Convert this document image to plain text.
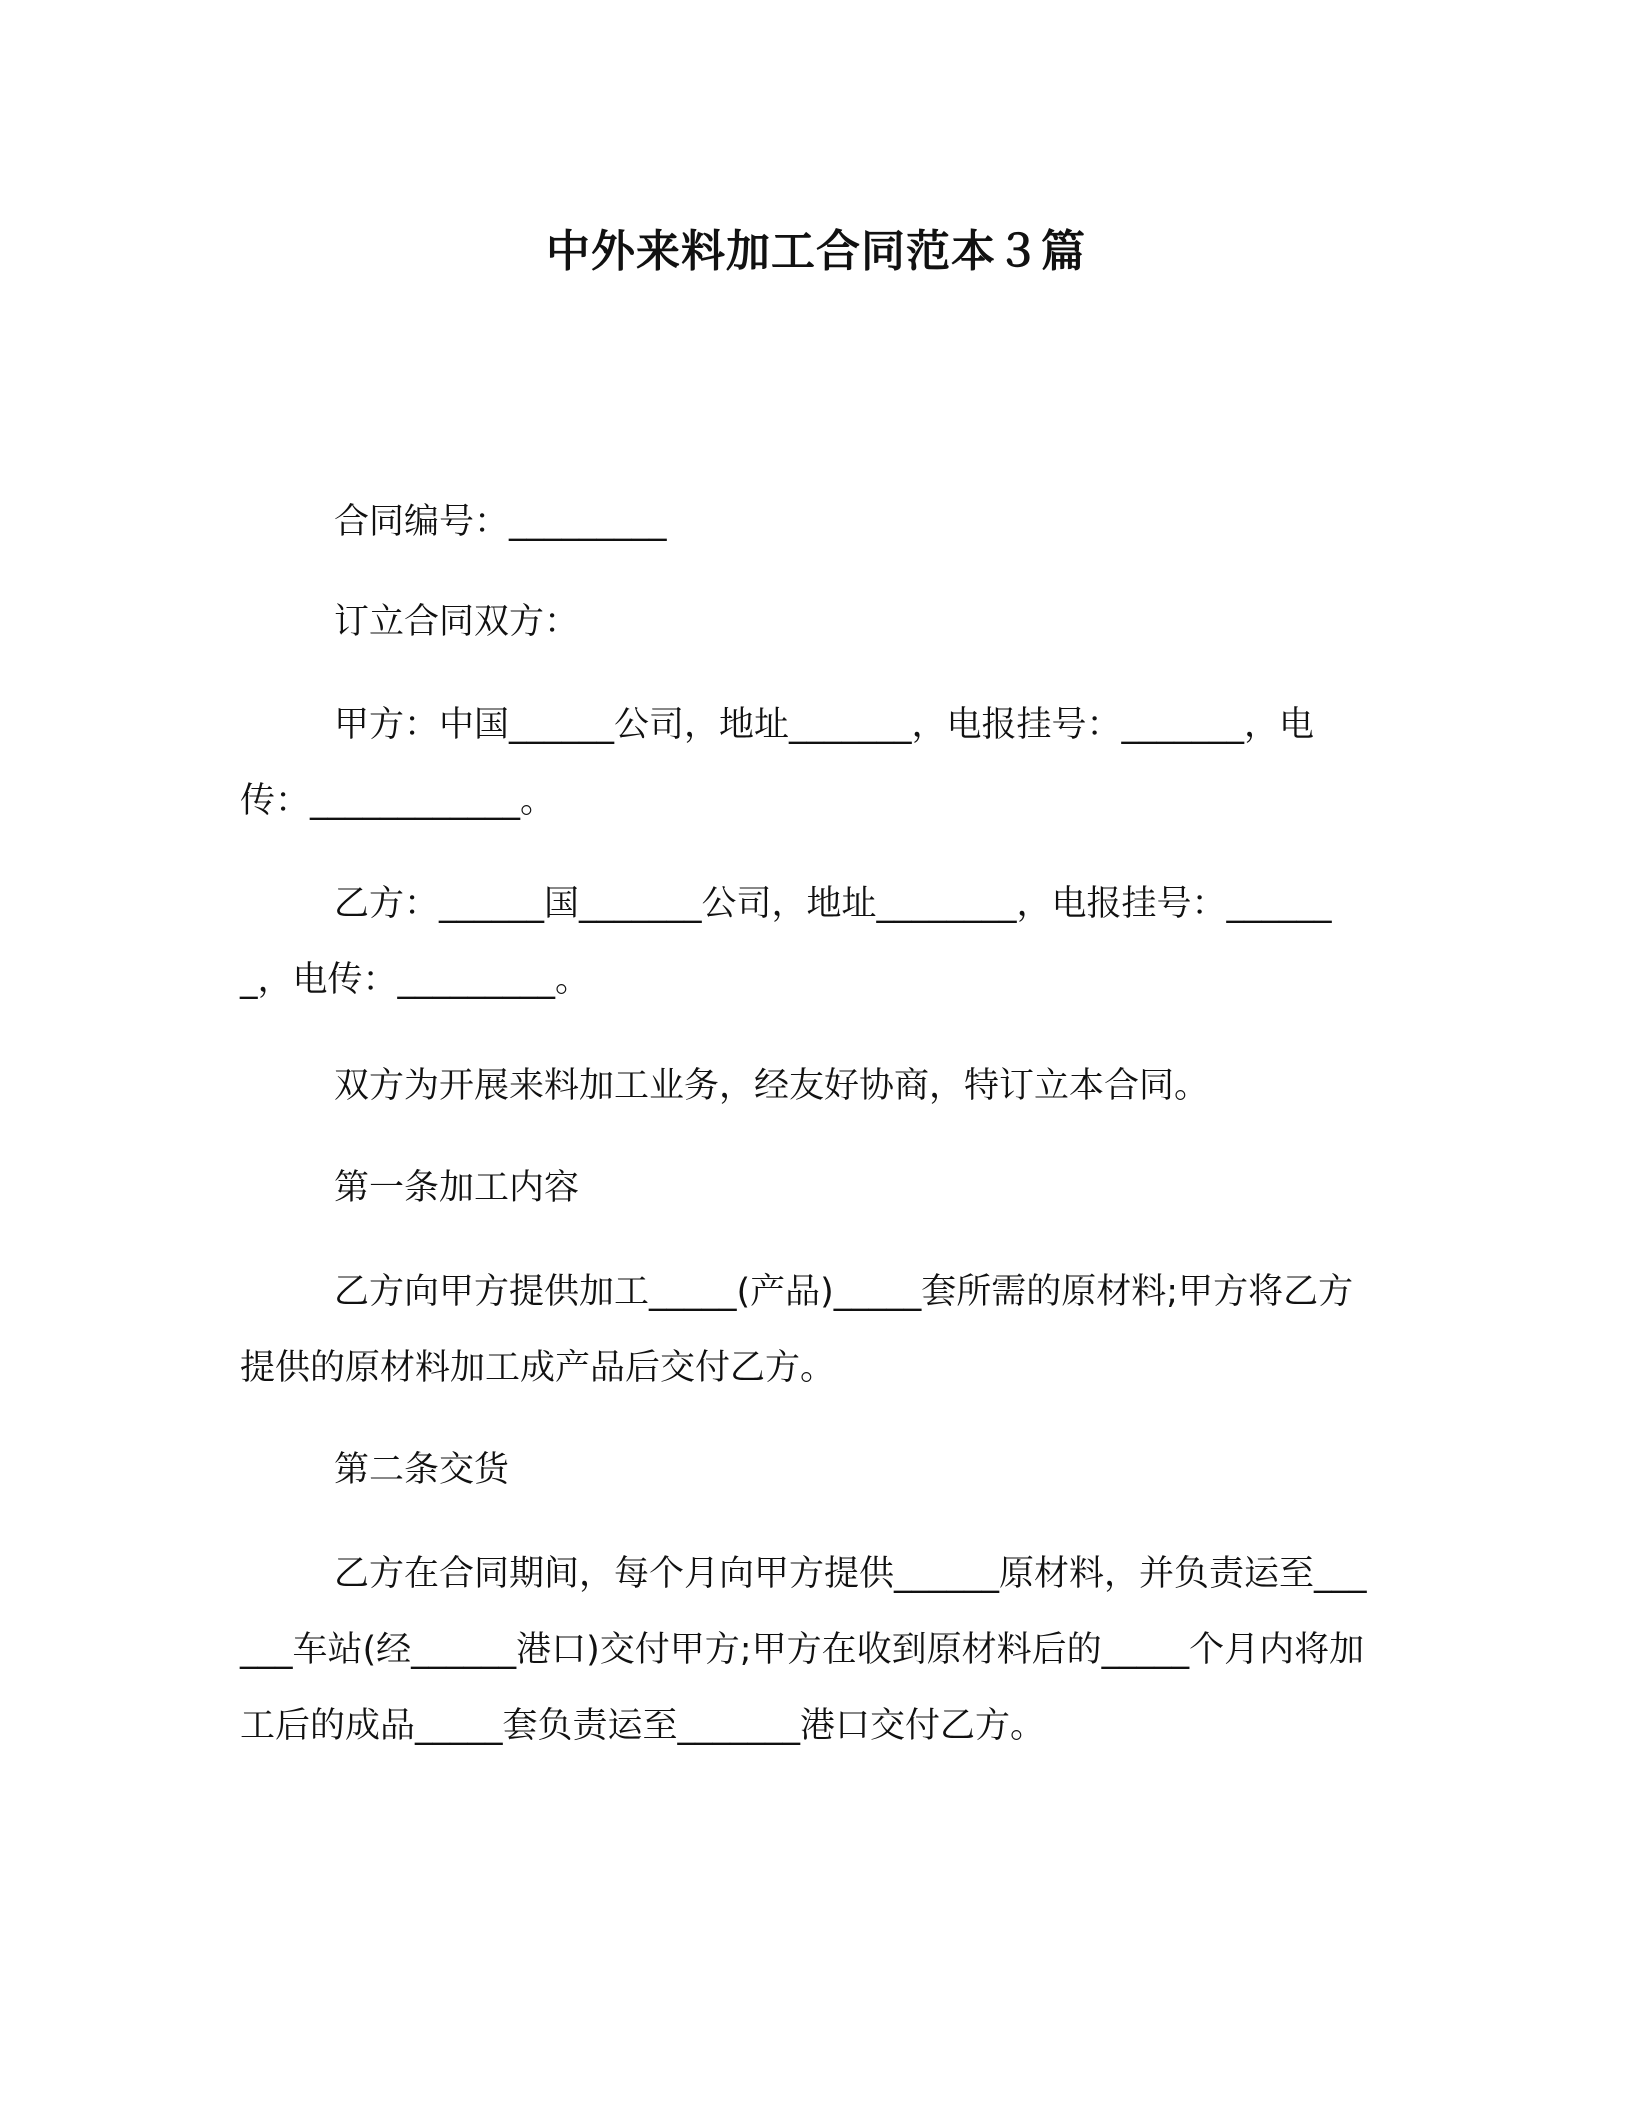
中外来料加工合同范本３篇

合同编号：_________

订立合同双方：

甲方：中国______公司，地址_______，电报挂号：_______，电传：____________。

乙方：______国_______公司，地址________，电报挂号：_______，电传：_________。

双方为开展来料加工业务，经友好协商，特订立本合同。

第一条加工内容

乙方向甲方提供加工_____(产品)_____套所需的原材料;甲方将乙方提供的原材料加工成产品后交付乙方。

第二条交货

乙方在合同期间，每个月向甲方提供______原材料，并负责运至______车站(经______港口)交付甲方;甲方在收到原材料后的_____个月内将加工后的成品_____套负责运至_______港口交付乙方。
